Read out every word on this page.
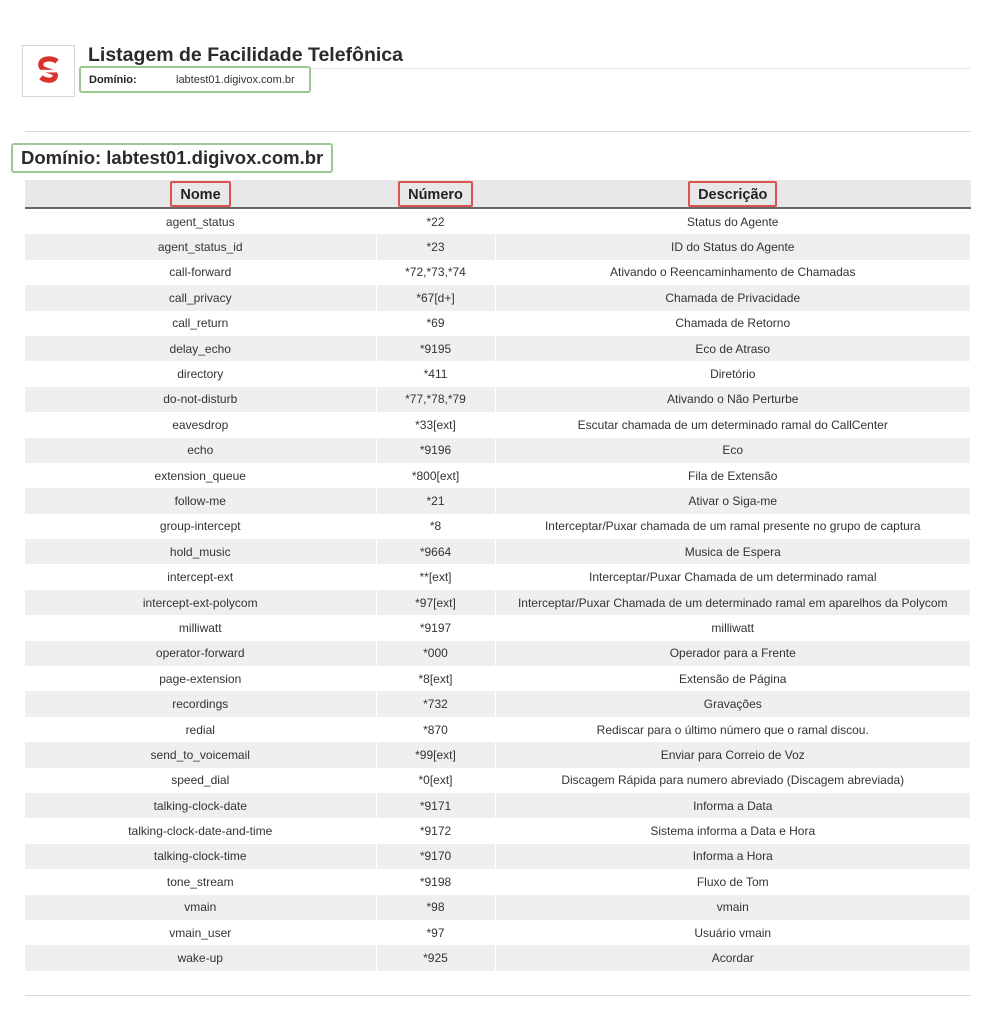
Listagem de Facilidade Telefônica
Domínio:	labtest01.digivox.com.br
Domínio: labtest01.digivox.com.br
Nome	Número	Descrição
agent_status	*22	Status do Agente
agent_status_id	*23	ID do Status do Agente
call-forward	*72,*73,*74	Ativando o Reencaminhamento de Chamadas
call_privacy	*67[d+]	Chamada de Privacidade
call_return	*69	Chamada de Retorno
delay_echo	*9195	Eco de Atraso
directory	*411	Diretório
do-not-disturb	*77,*78,*79	Ativando o Não Perturbe
eavesdrop	*33[ext]	Escutar chamada de um determinado ramal do CallCenter
echo	*9196	Eco
extension_queue	*800[ext]	Fila de Extensão
follow-me	*21	Ativar o Siga-me
group-intercept	*8	Interceptar/Puxar chamada de um ramal presente no grupo de captura
hold_music	*9664	Musica de Espera
intercept-ext	**[ext]	Interceptar/Puxar Chamada de um determinado ramal
intercept-ext-polycom	*97[ext]	Interceptar/Puxar Chamada de um determinado ramal em aparelhos da Polycom
milliwatt	*9197	milliwatt
operator-forward	*000	Operador para a Frente
page-extension	*8[ext]	Extensão de Página
recordings	*732	Gravações
redial	*870	Rediscar para o último número que o ramal discou.
send_to_voicemail	*99[ext]	Enviar para Correio de Voz
speed_dial	*0[ext]	Discagem Rápida para numero abreviado (Discagem abreviada)
talking-clock-date	*9171	Informa a Data
talking-clock-date-and-time	*9172	Sistema informa a Data e Hora
talking-clock-time	*9170	Informa a Hora
tone_stream	*9198	Fluxo de Tom
vmain	*98	vmain
vmain_user	*97	Usuário vmain
wake-up	*925	Acordar
